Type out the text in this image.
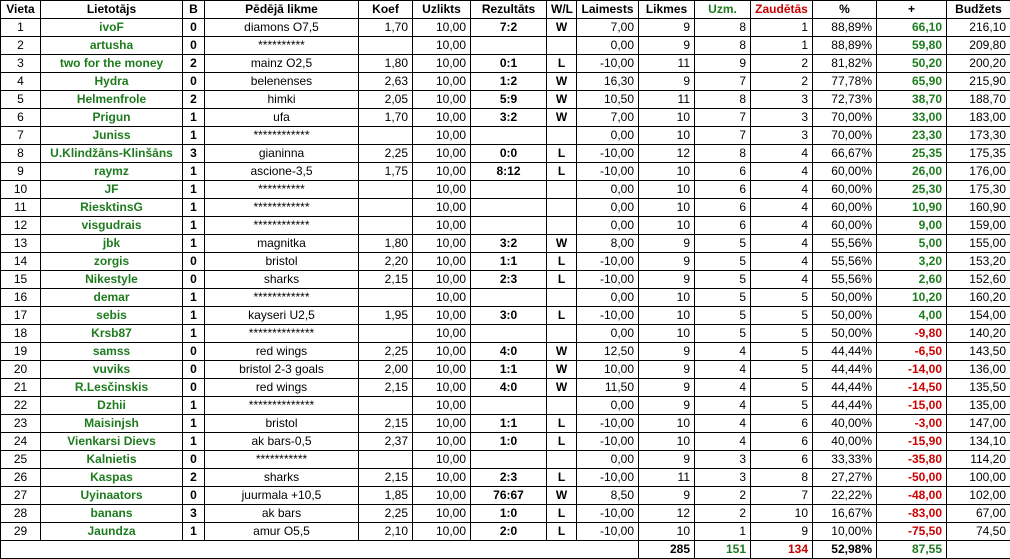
Vieta	Lietotājs	B	Pēdējā likme	Koef	Uzlikts	Rezultāts	W/L	Laimests	Likmes	Uzm.	Zaudētās	%	+	Budžets
1	ivoF	0	diamons O7,5	1,70	10,00	7:2	W	7,00	9	8	1	88,89%	66,10	216,10
2	artusha	0	**********		10,00			0,00	9	8	1	88,89%	59,80	209,80
3	two for the money	2	mainz O2,5	1,80	10,00	0:1	L	-10,00	11	9	2	81,82%	50,20	200,20
4	Hydra	0	belenenses	2,63	10,00	1:2	W	16,30	9	7	2	77,78%	65,90	215,90
5	Helmenfrole	2	himki	2,05	10,00	5:9	W	10,50	11	8	3	72,73%	38,70	188,70
6	Prigun	1	ufa	1,70	10,00	3:2	W	7,00	10	7	3	70,00%	33,00	183,00
7	Juniss	1	************		10,00			0,00	10	7	3	70,00%	23,30	173,30
8	U.Klindžāns-Klinšāns	3	gianinna	2,25	10,00	0:0	L	-10,00	12	8	4	66,67%	25,35	175,35
9	raymz	1	ascione-3,5	1,75	10,00	8:12	L	-10,00	10	6	4	60,00%	26,00	176,00
10	JF	1	**********		10,00			0,00	10	6	4	60,00%	25,30	175,30
11	RiesktinsG	1	************		10,00			0,00	10	6	4	60,00%	10,90	160,90
12	visgudrais	1	************		10,00			0,00	10	6	4	60,00%	9,00	159,00
13	jbk	1	magnitka	1,80	10,00	3:2	W	8,00	9	5	4	55,56%	5,00	155,00
14	zorgis	0	bristol	2,20	10,00	1:1	L	-10,00	9	5	4	55,56%	3,20	153,20
15	Nikestyle	0	sharks	2,15	10,00	2:3	L	-10,00	9	5	4	55,56%	2,60	152,60
16	demar	1	************		10,00			0,00	10	5	5	50,00%	10,20	160,20
17	sebis	1	kayseri U2,5	1,95	10,00	3:0	L	-10,00	10	5	5	50,00%	4,00	154,00
18	Krsb87	1	**************		10,00			0,00	10	5	5	50,00%	-9,80	140,20
19	samss	0	red wings	2,25	10,00	4:0	W	12,50	9	4	5	44,44%	-6,50	143,50
20	vuviks	0	bristol 2-3 goals	2,00	10,00	1:1	W	10,00	9	4	5	44,44%	-14,00	136,00
21	R.Lesčinskis	0	red wings	2,15	10,00	4:0	W	11,50	9	4	5	44,44%	-14,50	135,50
22	Dzhii	1	**************		10,00			0,00	9	4	5	44,44%	-15,00	135,00
23	Maisinjsh	1	bristol	2,15	10,00	1:1	L	-10,00	10	4	6	40,00%	-3,00	147,00
24	Vienkarsi Dievs	1	ak bars-0,5	2,37	10,00	1:0	L	-10,00	10	4	6	40,00%	-15,90	134,10
25	Kalnietis	0	***********		10,00			0,00	9	3	6	33,33%	-35,80	114,20
26	Kaspas	2	sharks	2,15	10,00	2:3	L	-10,00	11	3	8	27,27%	-50,00	100,00
27	Uyinaators	0	juurmala +10,5	1,85	10,00	76:67	W	8,50	9	2	7	22,22%	-48,00	102,00
28	banans	3	ak bars	2,25	10,00	1:0	L	-10,00	12	2	10	16,67%	-83,00	67,00
29	Jaundza	1	amur O5,5	2,10	10,00	2:0	L	-10,00	10	1	9	10,00%	-75,50	74,50
									285	151	134	52,98%	87,55	
